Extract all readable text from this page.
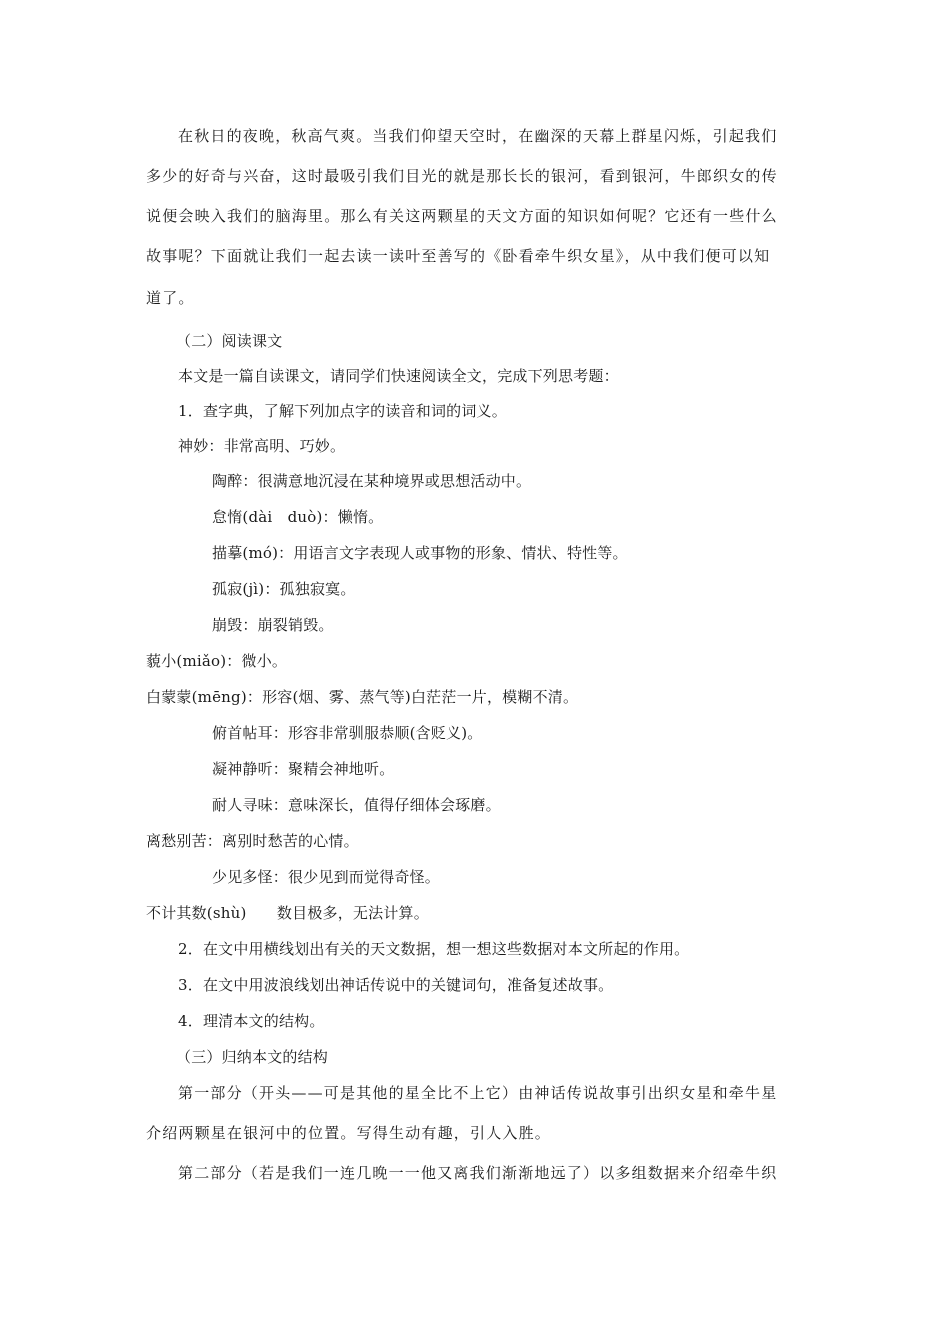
在秋日的夜晚，秋高气爽。当我们仰望天空时，在幽深的天幕上群星闪烁，引起我们
多少的好奇与兴奋，这时最吸引我们目光的就是那长长的银河，看到银河，牛郎织女的传
说便会映入我们的脑海里。那么有关这两颗星的天文方面的知识如何呢？它还有一些什么
故事呢？下面就让我们一起去读一读叶至善写的《卧看牵牛织女星》，从中我们便可以知
道了。
（二）阅读课文
本文是一篇自读课文，请同学们快速阅读全文，完成下列思考题：
1．查字典，了解下列加点字的读音和词的词义。
神妙：非常高明、巧妙。
陶醉：很满意地沉浸在某种境界或思想活动中。
怠惰(dài　duò)：懒惰。
描摹(mó)：用语言文字表现人或事物的形象、情状、特性等。
孤寂(jì)：孤独寂寞。
崩毁：崩裂销毁。
藐小(miǎo)：微小。
白蒙蒙(mēng)：形容(烟、雾、蒸气等)白茫茫一片，模糊不清。
俯首帖耳：形容非常驯服恭顺(含贬义)。
凝神静听：聚精会神地听。
耐人寻味：意味深长，值得仔细体会琢磨。
离愁别苦：离别时愁苦的心情。
少见多怪：很少见到而觉得奇怪。
不计其数(shù)　　数目极多，无法计算。
2．在文中用横线划出有关的天文数据，想一想这些数据对本文所起的作用。
3．在文中用波浪线划出神话传说中的关键词句，准备复述故事。
4．理清本文的结构。
（三）归纳本文的结构
第一部分（开头——可是其他的星全比不上它）由神话传说故事引出织女星和牵牛星
介绍两颗星在银河中的位置。写得生动有趣，引人入胜。
第二部分（若是我们一连几晚一一他又离我们渐渐地远了）以多组数据来介绍牵牛织
